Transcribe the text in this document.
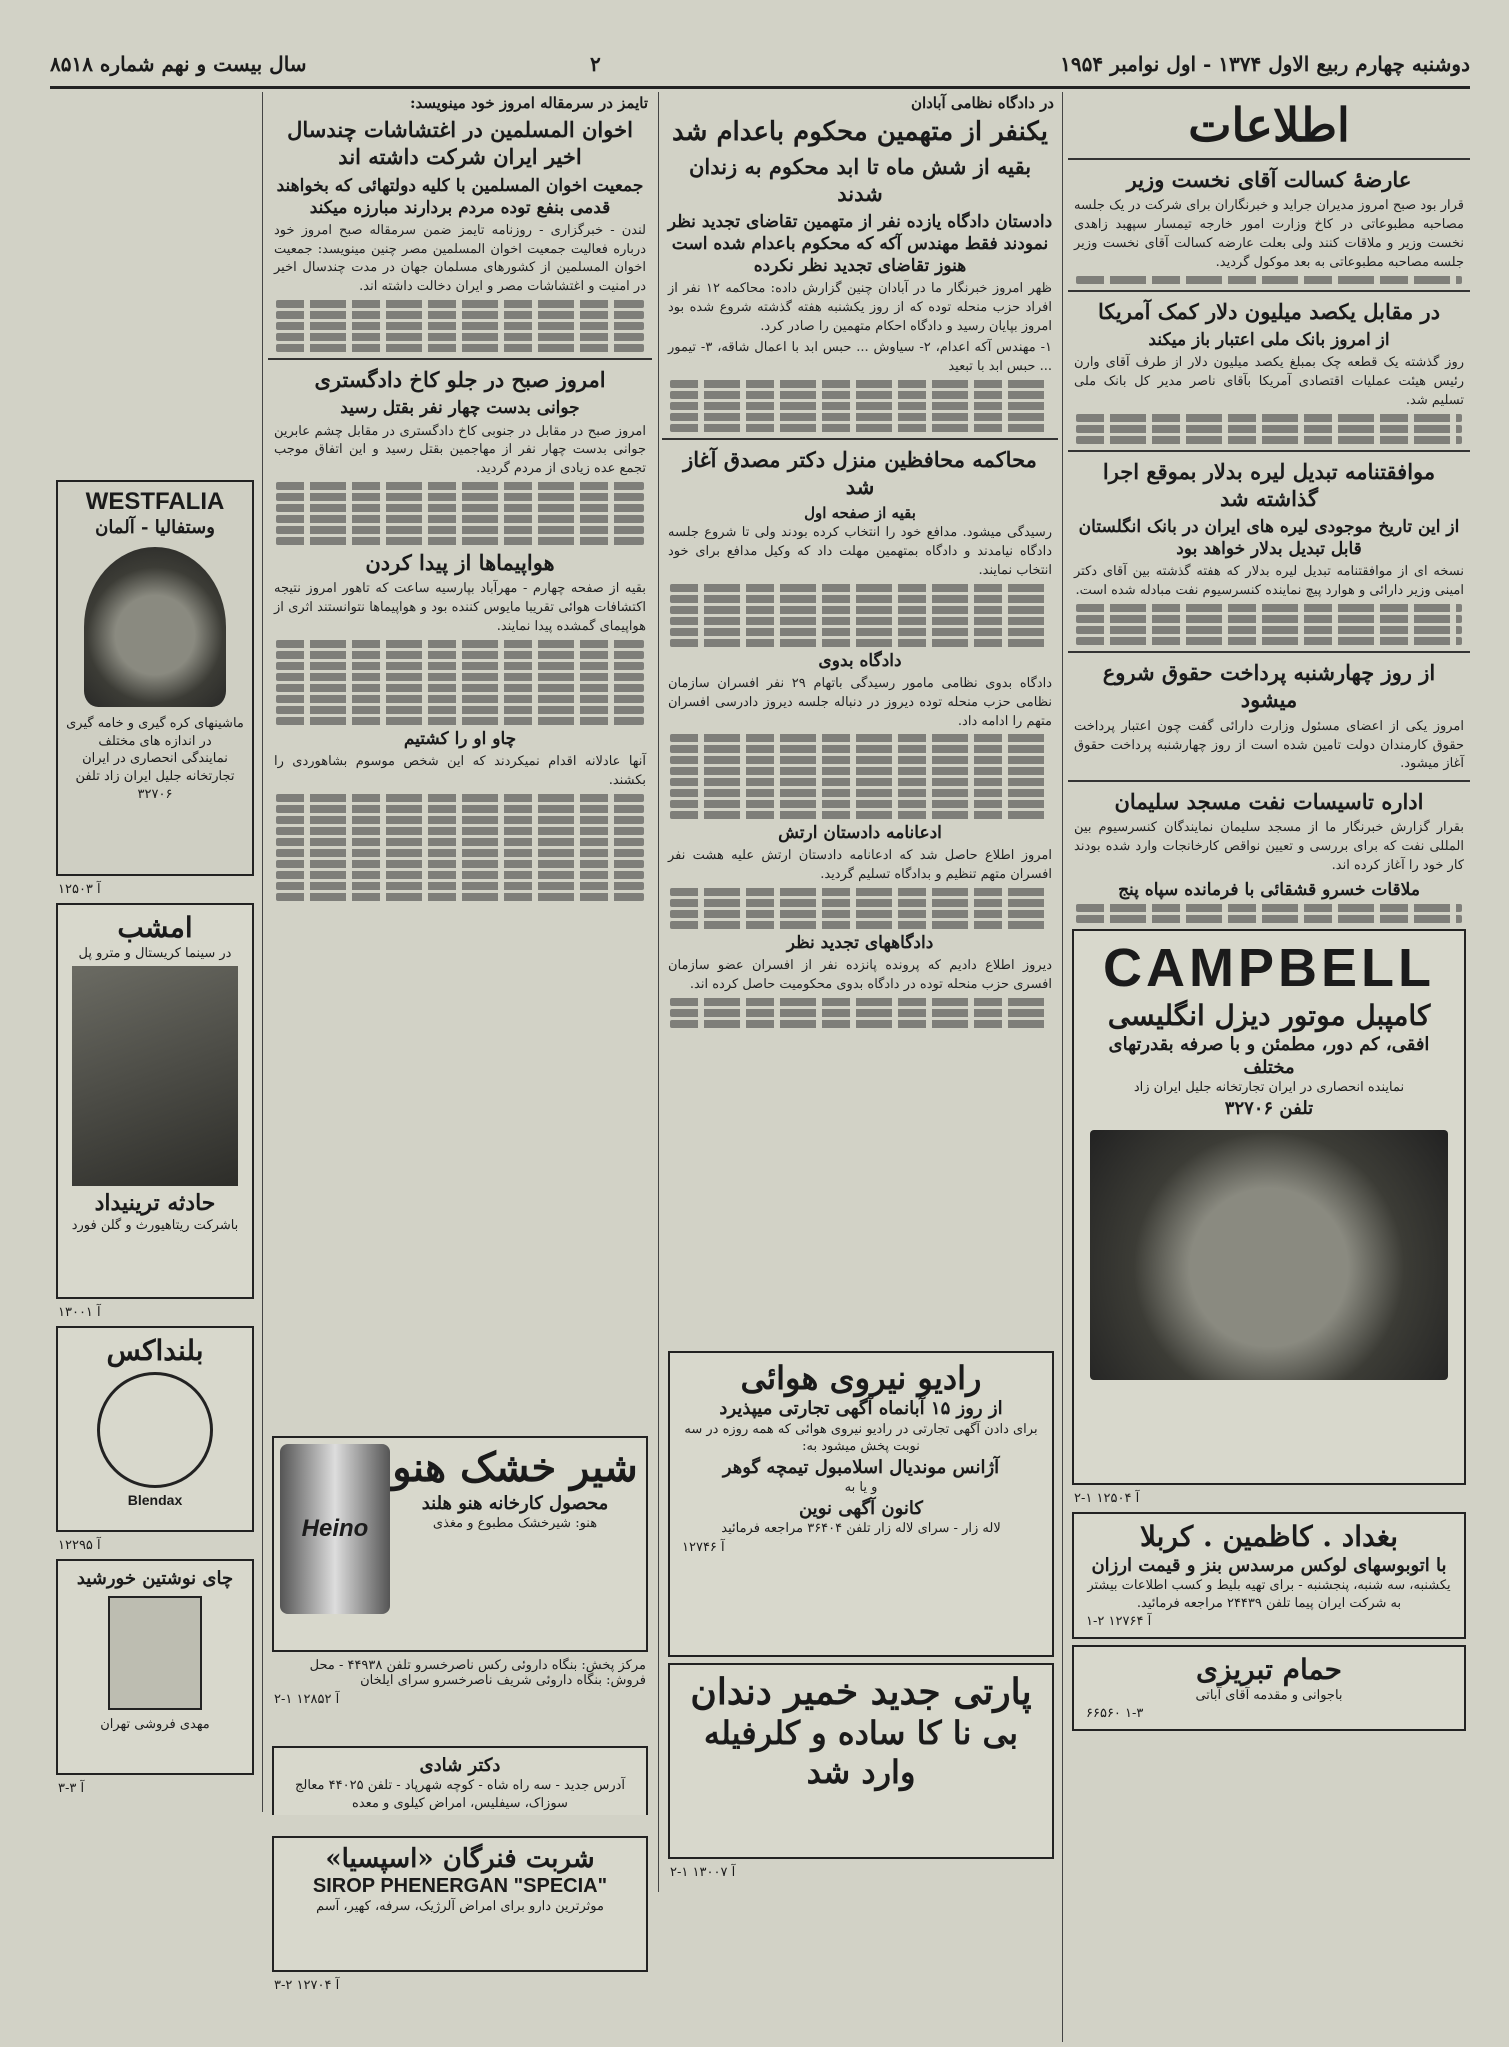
دوشنبه چهارم ربیع الاول ۱۳۷۴ - اول نوامبر ۱۹۵۴
۲
سال بیست و نهم شماره ۸۵۱۸
اطلاعات
عارضهٔ کسالت آقای نخست وزیر
قرار بود صبح امروز مدیران جراید و خبرنگاران برای شرکت در یک جلسه مصاحبه مطبوعاتی در کاخ وزارت امور خارجه تیمسار سپهبد زاهدی نخست وزیر و ملاقات کنند ولی بعلت عارضه کسالت آقای نخست وزیر جلسه مصاحبه مطبوعاتی به بعد موکول گردید.
در مقابل یکصد میلیون دلار کمک آمریکا
از امروز بانک ملی اعتبار باز میکند
روز گذشته یک قطعه چک بمبلغ یکصد میلیون دلار از طرف آقای وارن رئیس هیئت عملیات اقتصادی آمریکا بآقای ناصر مدیر کل بانک ملی تسلیم شد.
موافقتنامه تبدیل لیره بدلار بموقع اجرا گذاشته شد
از این تاریخ موجودی لیره های ایران در بانک انگلستان قابل تبدیل بدلار خواهد بود
نسخه ای از موافقتنامه تبدیل لیره بدلار که هفته گذشته بین آقای دکتر امینی وزیر دارائی و هوارد پیچ نماینده کنسرسیوم نفت مبادله شده است.
از روز چهارشنبه پرداخت حقوق شروع میشود
امروز یکی از اعضای مسئول وزارت دارائی گفت چون اعتبار پرداخت حقوق کارمندان دولت تامین شده است از روز چهارشنبه پرداخت حقوق آغاز میشود.
اداره تاسیسات نفت مسجد سلیمان
بقرار گزارش خبرنگار ما از مسجد سلیمان نمایندگان کنسرسیوم بین المللی نفت که برای بررسی و تعیین نواقص کارخانجات وارد شده بودند کار خود را آغاز کرده اند.
ملاقات خسرو قشقائی با فرمانده سپاه پنج
CAMPBELL
کامپبل موتور دیزل انگلیسی
افقی، کم دور، مطمئن و با صرفه بقدرتهای مختلف
نماینده انحصاری در ایران تجارتخانه جلیل ایران زاد
تلفن ۳۲۷۰۶
آ ۱۲۵۰۴ ۱-۲
بغداد . کاظمین . کربلا
با اتوبوسهای لوکس مرسدس بنز و قیمت ارزان
یکشنبه، سه شنبه، پنجشنبه - برای تهیه بلیط و کسب اطلاعات بیشتر به شرکت ایران پیما تلفن ۲۴۴۳۹ مراجعه فرمائید.
آ ۱۲۷۶۴ ۲-۱
حمام تبریزی
باجوانی و مقدمه آقای آباتی
۶۶۵۶۰ ۱-۳
در دادگاه نظامی آبادان
یکنفر از متهمین محکوم باعدام شد
بقیه از شش ماه تا ابد محکوم به زندان شدند
دادستان دادگاه یازده نفر از متهمین تقاضای تجدید نظر نمودند فقط مهندس آکه که محکوم باعدام شده است هنوز تقاضای تجدید نظر نکرده
ظهر امروز خبرنگار ما در آبادان چنین گزارش داده: محاکمه ۱۲ نفر از افراد حزب منحله توده که از روز یکشنبه هفته گذشته شروع شده بود امروز بپایان رسید و دادگاه احکام متهمین را صادر کرد.
۱- مهندس آکه اعدام، ۲- سیاوش ... حبس ابد با اعمال شاقه، ۳- تیمور ... حبس ابد با تبعید
محاکمه محافظین منزل دکتر مصدق آغاز شد
بقیه از صفحه اول
رسیدگی میشود. مدافع خود را انتخاب کرده بودند ولی تا شروع جلسه دادگاه نیامدند و دادگاه بمتهمین مهلت داد که وکیل مدافع برای خود انتخاب نمایند.
دادگاه بدوی
دادگاه بدوی نظامی مامور رسیدگی باتهام ۲۹ نفر افسران سازمان نظامی حزب منحله توده دیروز در دنباله جلسه دیروز دادرسی افسران متهم را ادامه داد.
ادعانامه دادستان ارتش
امروز اطلاع حاصل شد که ادعانامه دادستان ارتش علیه هشت نفر افسران متهم تنظیم و بدادگاه تسلیم گردید.
دادگاههای تجدید نظر
دیروز اطلاع دادیم که پرونده پانزده نفر از افسران عضو سازمان افسری حزب منحله توده در دادگاه بدوی محکومیت حاصل کرده اند.
تایمز در سرمقاله امروز خود مینویسد:
اخوان المسلمین در اغتشاشات چندسال اخیر ایران شرکت داشته اند
جمعیت اخوان المسلمین با کلیه دولتهائی که بخواهند قدمی بنفع توده مردم بردارند مبارزه میکند
لندن - خبرگزاری - روزنامه تایمز ضمن سرمقاله صبح امروز خود درباره فعالیت جمعیت اخوان المسلمین مصر چنین مینویسد: جمعیت اخوان المسلمین از کشورهای مسلمان جهان در مدت چندسال اخیر در امنیت و اغتشاشات مصر و ایران دخالت داشته اند.
امروز صبح در جلو کاخ دادگستری
جوانی بدست چهار نفر بقتل رسید
امروز صبح در مقابل در جنوبی کاخ دادگستری در مقابل چشم عابرین جوانی بدست چهار نفر از مهاجمین بقتل رسید و این اتفاق موجب تجمع عده زیادی از مردم گردید.
هواپیماها از پیدا کردن
بقیه از صفحه چهارم - مهرآباد بپارسیه ساعت که تاهور امروز نتیجه اکتشافات هوائی تقریبا مایوس کننده بود و هواپیماها نتوانستند اثری از هواپیمای گمشده پیدا نمایند.
چاو او را کشتیم
آنها عادلانه اقدام نمیکردند که این شخص موسوم بشاهوردی را بکشند.
شیر خشک هنو
محصول کارخانه هنو هلند
هنو: شیرخشک مطبوع و مغذی
Heino
مرکز پخش: بنگاه داروئی رکس ناصرخسرو تلفن ۴۴۹۳۸ - محل فروش: بنگاه داروئی شریف ناصرخسرو سرای ایلخان
آ ۱۲۸۵۲ ۱-۲
دکتر شادی
آدرس جدید - سه راه شاه - کوچه شهرپاد - تلفن ۴۴۰۲۵ معالج سوزاک، سیفلیس، امراض کیلوی و معده
WESTFALIA
وستفالیا - آلمان
ماشینهای کره گیری و خامه گیری در اندازه های مختلف
نمایندگی انحصاری در ایران تجارتخانه جلیل ایران زاد تلفن ۳۲۷۰۶
آ ۱۲۵۰۳
امشب
در سینما کریستال و مترو پل
حادثه ترینیداد
باشرکت ریتاهیورث و گلن فورد
آ ۱۳۰۰۱
بلنداکس
Blendax
آ ۱۲۲۹۵
چای نوشتین خورشید
مهدی فروشی تهران
آ ۳-۳
رادیو نیروی هوائی
از روز ۱۵ آبانماه آگهی تجارتی میپذیرد
برای دادن آگهی تجارتی در رادیو نیروی هوائی که همه روزه در سه نوبت پخش میشود به:
آژانس موندیال اسلامبول تیمچه گوهر
و یا به
کانون آگهی نوین
لاله زار - سرای لاله زار تلفن ۳۶۴۰۴ مراجعه فرمائید
آ ۱۲۷۴۶
پارتی جدید خمیر دندان
بی نا کا ساده و کلرفیله
وارد شد
آ ۱۳۰۰۷ ۱-۲
شربت فنرگان «اسپسیا»
SIROP PHENERGAN "SPECIA"
موثرترین دارو برای امراض آلرژیک، سرفه، کهیر، آسم
آ ۱۲۷۰۴ ۲-۳
